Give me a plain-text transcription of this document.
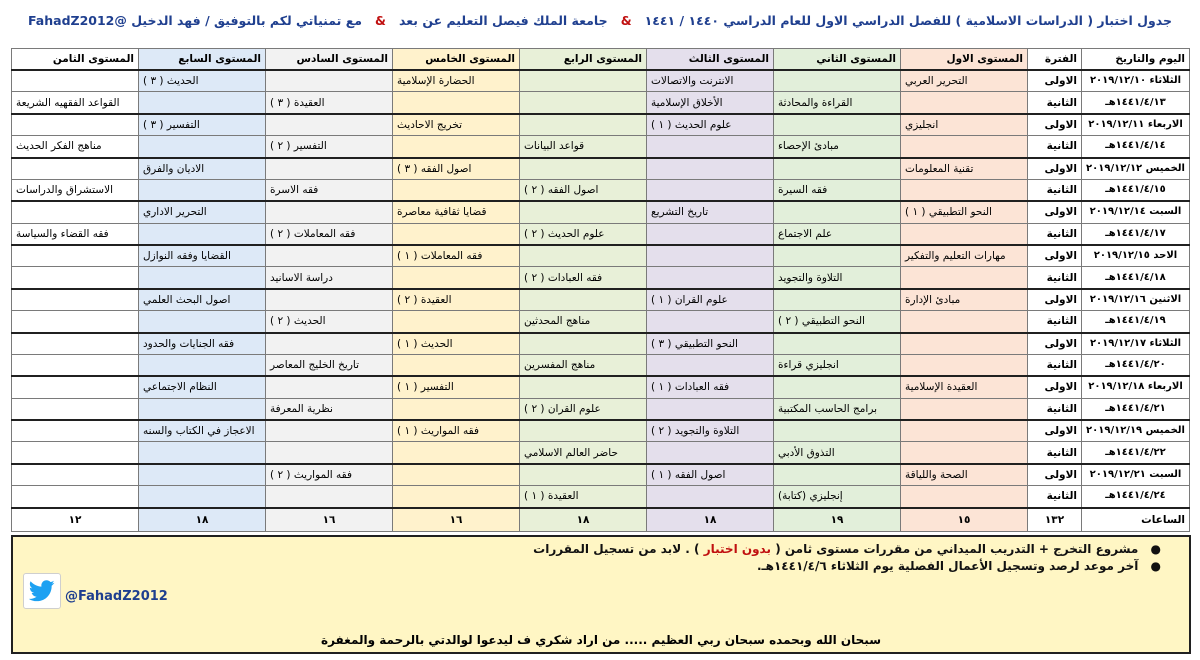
جدول اختبار ( الدراسات الاسلامية ) للفصل الدراسي الاول للعام الدراسي ١٤٤٠ / ١٤٤١   &   جامعة الملك فيصل التعليم عن بعد   &   مع تمنياتي لكم بالتوفيق / فهد الدخيل @FahadZ2012
اليوم والتاريخ	الفترة	المستوى الاول	المستوى الثاني	المستوى الثالث	المستوى الرابع	المستوى الخامس	المستوى السادس	المستوى السابع	المستوى الثامن
الثلاثاء ٢٠١٩/١٢/١٠	الاولى	التحرير العربي		الانترنت والاتصالات		الحضارة الإسلامية		الحديث ( ٣ )	
١٤٤١/٤/١٣هـ	الثانية		القراءة والمحادثة	الأخلاق الإسلامية			العقيدة ( ٣ )		القواعد الفقهيه الشريعة
الاربعاء ٢٠١٩/١٢/١١	الاولى	انجليزي		علوم الحديث ( ١ )		تخريج الاحاديث		التفسير ( ٣ )	
١٤٤١/٤/١٤هـ	الثانية		مبادئ الإحصاء		قواعد البيانات		التفسير ( ٢ )		مناهج الفكر الحديث
الخميس ٢٠١٩/١٢/١٢	الاولى	تقنية المعلومات				اصول الفقه ( ٣ )		الاديان والفرق	
١٤٤١/٤/١٥هـ	الثانية		فقه السيرة		اصول الفقه ( ٢ )		فقه الاسرة		الاستشراق والدراسات
السبت ٢٠١٩/١٢/١٤	الاولى	النحو التطبيقي ( ١ )		تاريخ التشريع		قضايا ثقافية معاصرة		التحرير الاداري	
١٤٤١/٤/١٧هـ	الثانية		علم الاجتماع		علوم الحديث ( ٢ )		فقه المعاملات ( ٢ )		فقه القضاء والسياسة
الاحد ٢٠١٩/١٢/١٥	الاولى	مهارات التعليم والتفكير				فقه المعاملات ( ١ )		القضايا وفقه النوازل	
١٤٤١/٤/١٨هـ	الثانية		التلاوة والتجويد		فقه العبادات ( ٢ )		دراسة الاسانيد		
الاثنين ٢٠١٩/١٢/١٦	الاولى	مبادئ الإدارة		علوم القران ( ١ )		العقيدة ( ٢ )		اصول البحث العلمي	
١٤٤١/٤/١٩هـ	الثانية		النحو التطبيقي ( ٢ )		مناهج المحدثين		الحديث ( ٢ )		
الثلاثاء ٢٠١٩/١٢/١٧	الاولى			النحو التطبيقي ( ٣ )		الحديث ( ١ )		فقه الجنايات والحدود	
١٤٤١/٤/٢٠هـ	الثانية		انجليزي قراءة		مناهج المفسرين		تاريخ الخليج المعاصر		
الاربعاء ٢٠١٩/١٢/١٨	الاولى	العقيدة الإسلامية		فقه العبادات ( ١ )		التفسير ( ١ )		النظام الاجتماعي	
١٤٤١/٤/٢١هـ	الثانية		برامج الحاسب المكتبية		علوم القران ( ٢ )		نظرية المعرفة		
الخميس ٢٠١٩/١٢/١٩	الاولى			التلاوة والتجويد ( ٢ )		فقه المواريث ( ١ )		الاعجاز في الكتاب والسنه	
١٤٤١/٤/٢٢هـ	الثانية		التذوق الأدبي		حاضر العالم الاسلامي				
السبت ٢٠١٩/١٢/٢١	الاولى	الصحة واللياقة		اصول الفقه ( ١ )			فقه المواريث ( ٢ )		
١٤٤١/٤/٢٤هـ	الثانية		إنجليزي (كتابة)		العقيدة ( ١ )				
الساعات	١٣٢	١٥	١٩	١٨	١٨	١٦	١٦	١٨	١٢
● مشروع التخرج + التدريب الميداني من مقررات مستوى ثامن ( بدون اختبار ) . لابد من تسجيل المقررات
● آخر موعد لرصد وتسجيل الأعمال الفصلية يوم الثلاثاء ١٤٤١/٤/٦هـ.
@FahadZ2012
سبحان الله وبحمده سبحان ربي العظيم ..... من اراد شكري ف ليدعوا لوالدتي بالرحمة والمغفرة
